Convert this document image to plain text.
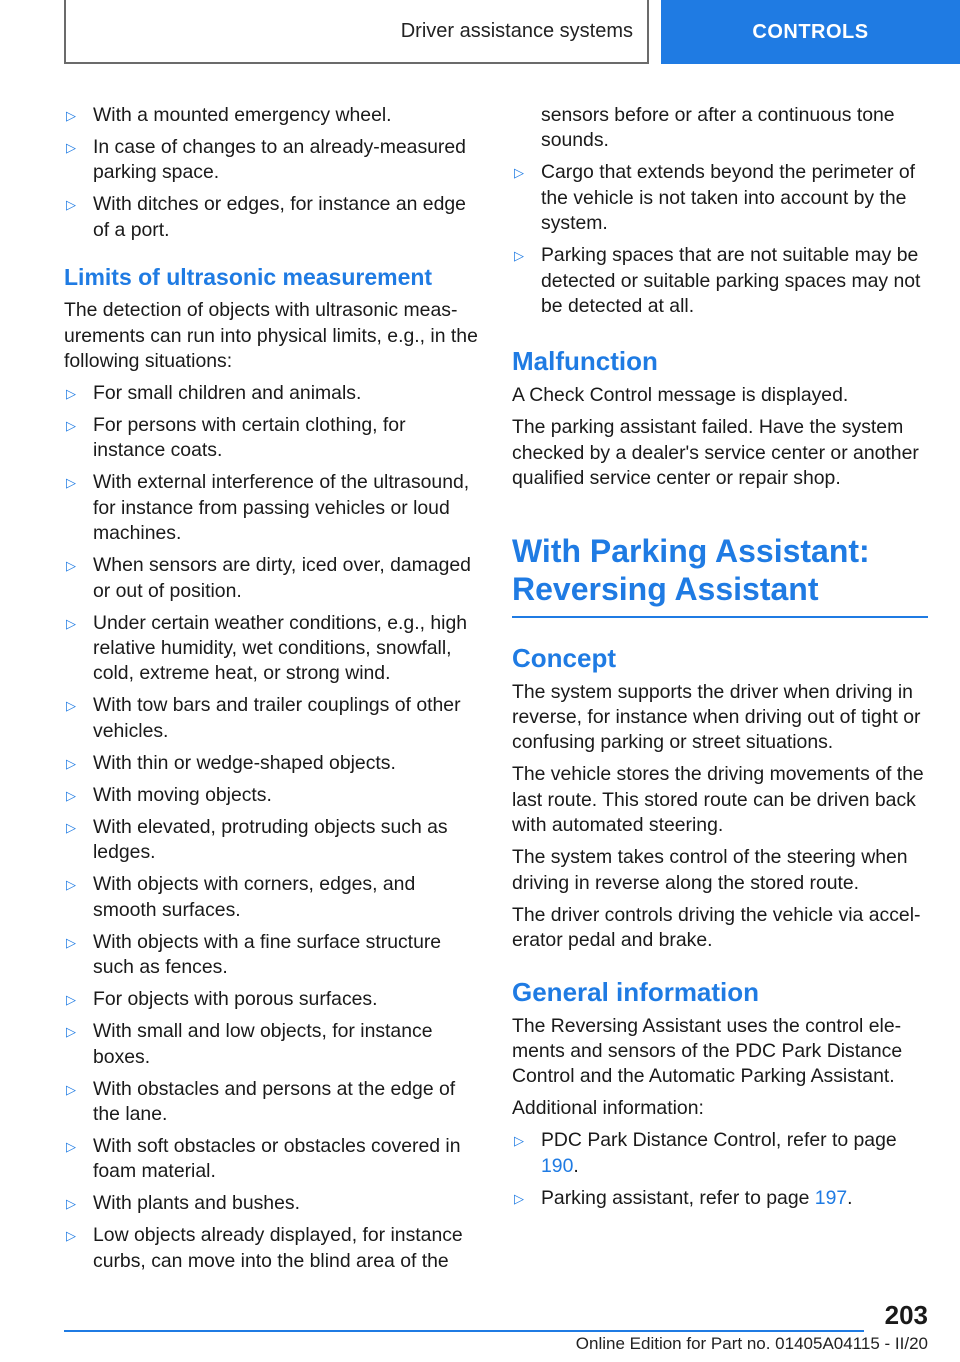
Driver assistance systems	CONTROLS
▷ With a mounted emergency wheel.
▷ In case of changes to an already-measured parking space.
▷ With ditches or edges, for instance an edge of a port.
Limits of ultrasonic measurement

The detection of objects with ultrasonic measurements can run into physical limits, e.g., in the following situations:

▷ For small children and animals.
▷ For persons with certain clothing, for instance coats.
▷ With external interference of the ultrasound, for instance from passing vehicles or loud machines.
▷ When sensors are dirty, iced over, damaged or out of position.
▷ Under certain weather conditions, e.g., high relative humidity, wet conditions, snowfall, cold, extreme heat, or strong wind.
▷ With tow bars and trailer couplings of other vehicles.
▷ With thin or wedge-shaped objects.
▷ With moving objects.
▷ With elevated, protruding objects such as ledges.
▷ With objects with corners, edges, and smooth surfaces.
▷ With objects with a fine surface structure such as fences.
▷ For objects with porous surfaces.
▷ With small and low objects, for instance boxes.
▷ With obstacles and persons at the edge of the lane.
▷ With soft obstacles or obstacles covered in foam material.
▷ With plants and bushes.
▷ Low objects already displayed, for instance curbs, can move into the blind area of the

sensors before or after a continuous tone sounds.

▷ Cargo that extends beyond the perimeter of the vehicle is not taken into account by the system.
▷ Parking spaces that are not suitable may be detected or suitable parking spaces may not be detected at all.
Malfunction

A Check Control message is displayed.

The parking assistant failed. Have the system checked by a dealer's service center or another qualified service center or repair shop.

With Parking Assistant: Reversing Assistant
Concept

The system supports the driver when driving in reverse, for instance when driving out of tight or confusing parking or street situations.

The vehicle stores the driving movements of the last route. This stored route can be driven back with automated steering.

The system takes control of the steering when driving in reverse along the stored route.

The driver controls driving the vehicle via accelerator pedal and brake.

General information

The Reversing Assistant uses the control elements and sensors of the PDC Park Distance Control and the Automatic Parking Assistant.

Additional information:

▷ PDC Park Distance Control, refer to page 190.
▷ Parking assistant, refer to page 197.
203
Online Edition for Part no. 01405A04115 - II/20
